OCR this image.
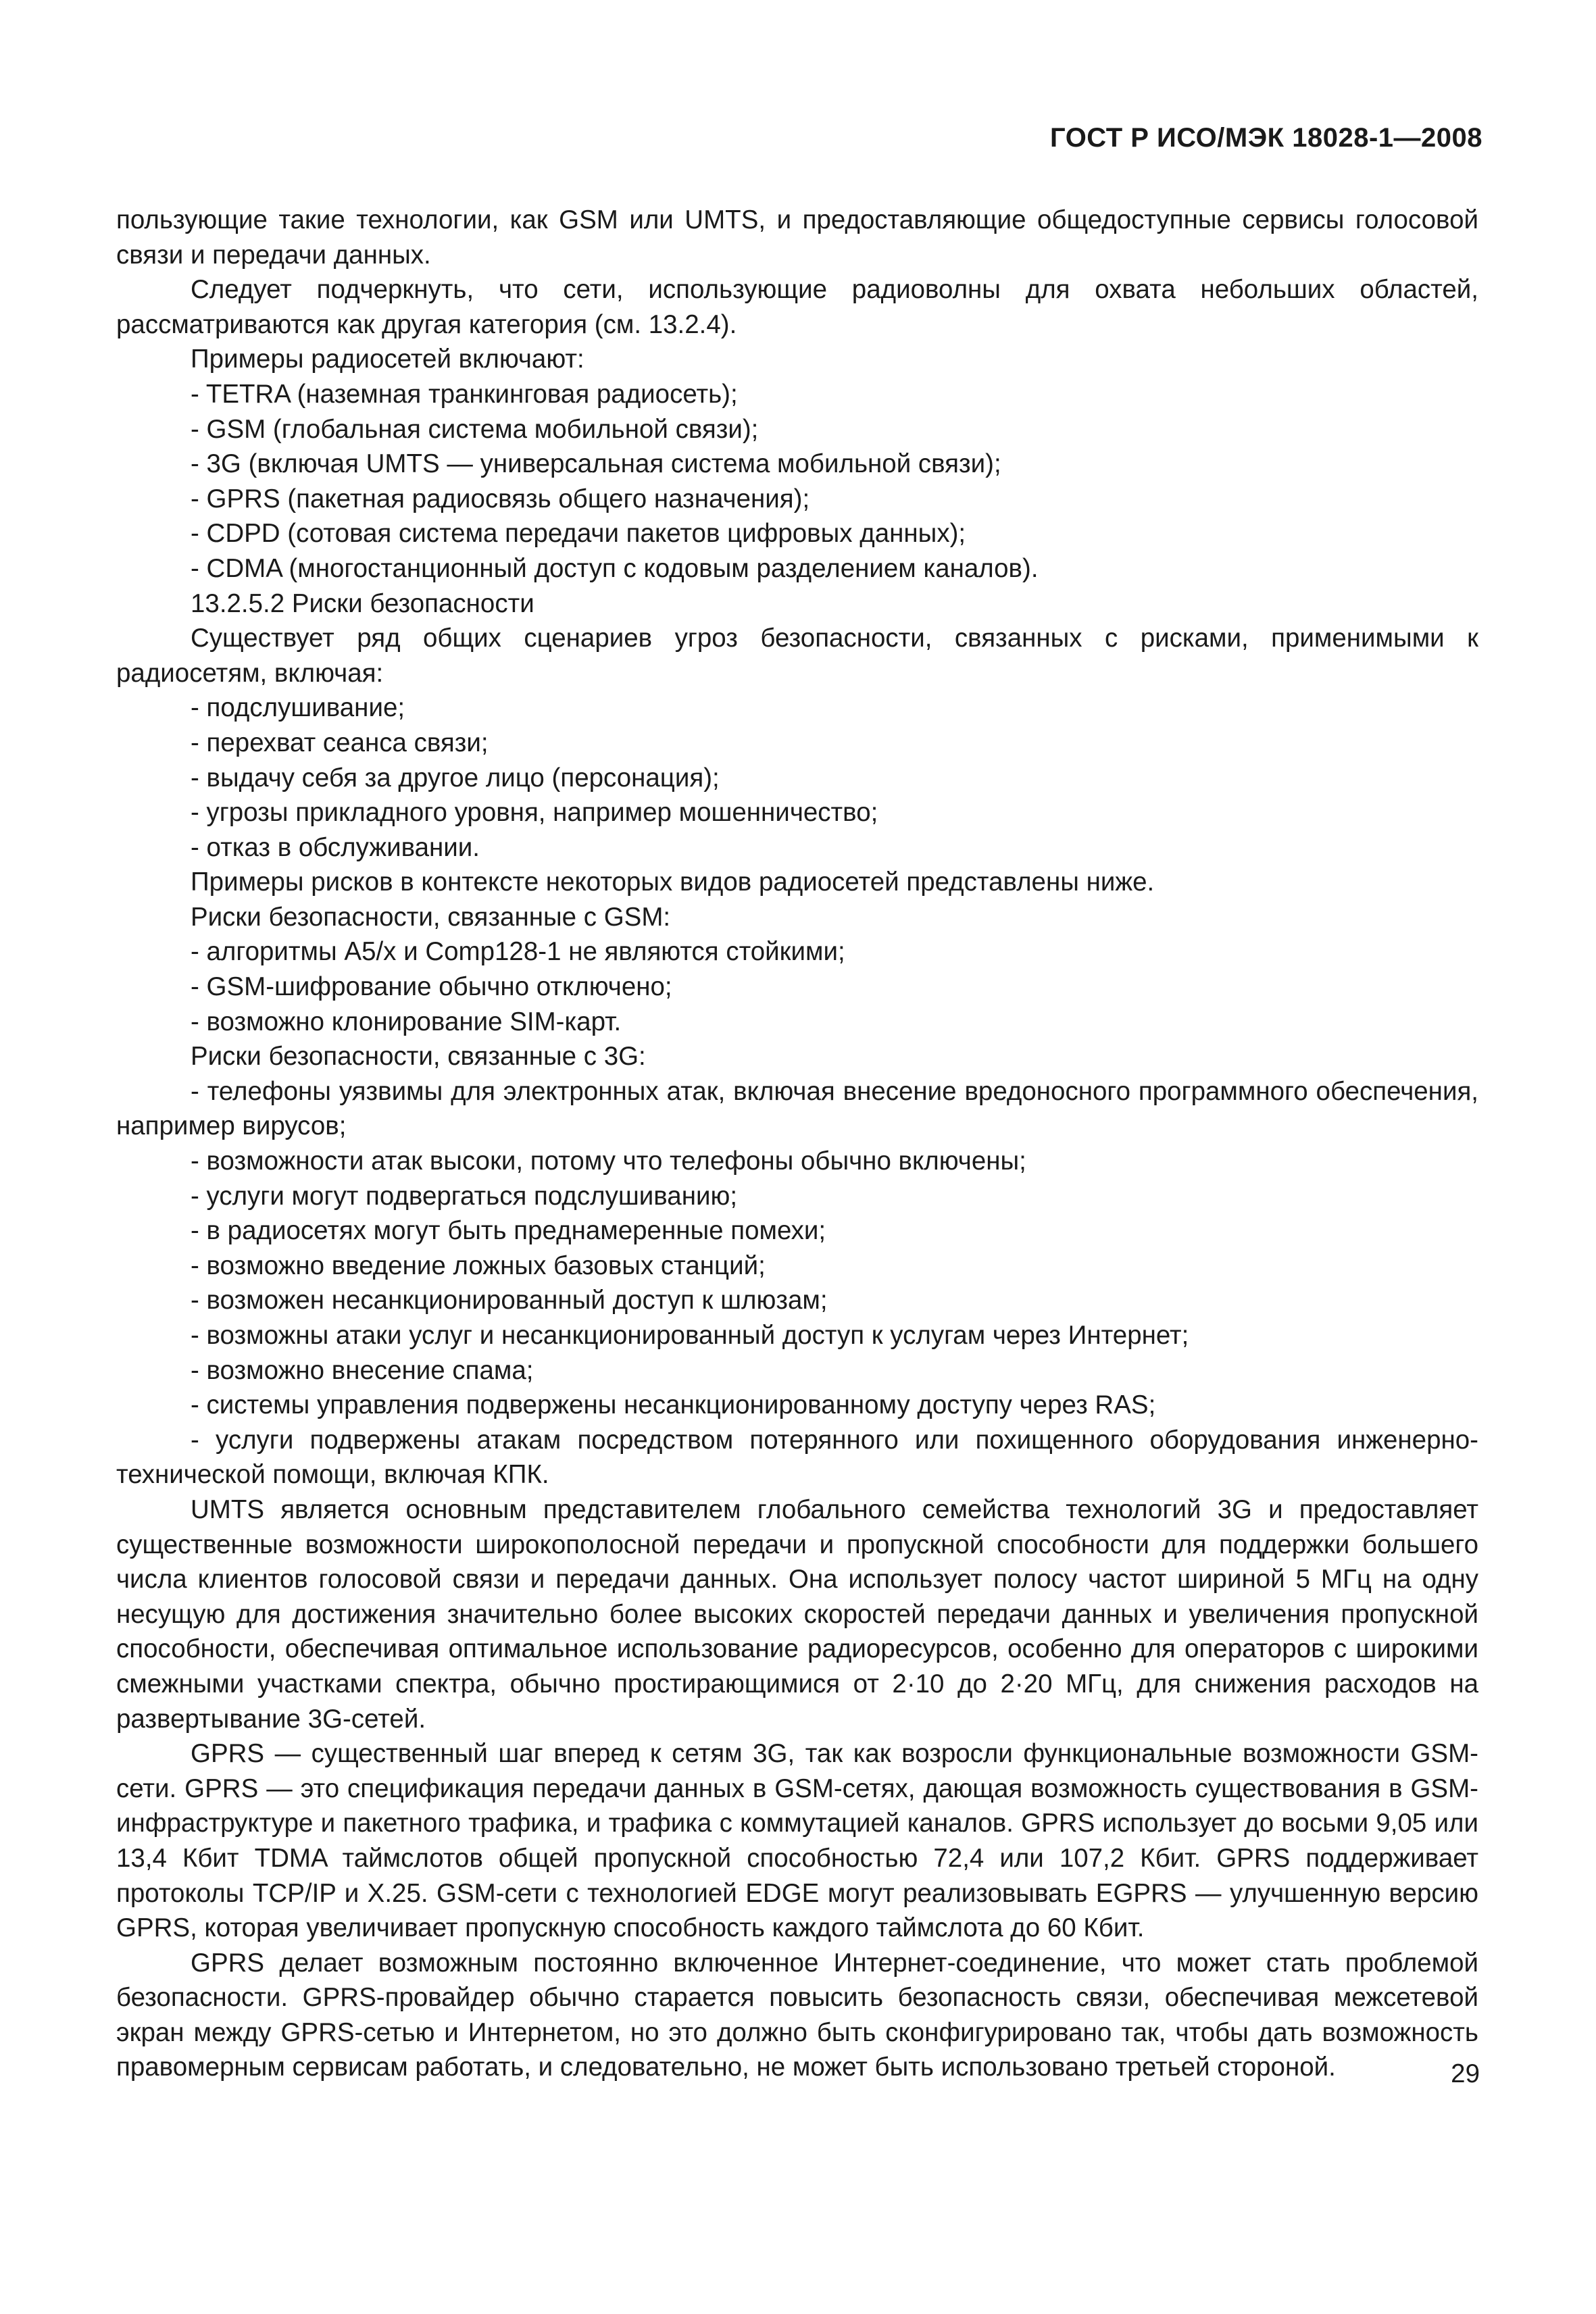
ГОСТ Р ИСО/МЭК 18028-1—2008

пользующие такие технологии, как GSM или UMTS, и предоставляющие общедоступные сервисы голосовой связи и передачи данных.

Следует подчеркнуть, что сети, использующие радиоволны для охвата небольших областей, рассматриваются как другая категория (см. 13.2.4).

Примеры радиосетей включают:

- TETRA (наземная транкинговая радиосеть);

- GSM (глобальная система мобильной связи);

- 3G (включая UMTS — универсальная система мобильной связи);

- GPRS (пакетная радиосвязь общего назначения);

- CDPD (сотовая система передачи пакетов цифровых данных);

- CDMA (многостанционный доступ с кодовым разделением каналов).

13.2.5.2 Риски безопасности

Существует ряд общих сценариев угроз безопасности, связанных с рисками, применимыми к радиосетям, включая:

- подслушивание;

- перехват сеанса связи;

- выдачу себя за другое лицо (персонация);

- угрозы прикладного уровня, например мошенничество;

- отказ в обслуживании.

Примеры рисков в контексте некоторых видов радиосетей представлены ниже.

Риски безопасности, связанные с GSM:

- алгоритмы A5/x и Comp128-1 не являются стойкими;

- GSM-шифрование обычно отключено;

- возможно клонирование SIM-карт.

Риски безопасности, связанные с 3G:

- телефоны уязвимы для электронных атак, включая внесение вредоносного программного обеспечения, например вирусов;

- возможности атак высоки, потому что телефоны обычно включены;

- услуги могут подвергаться подслушиванию;

- в радиосетях могут быть преднамеренные помехи;

- возможно введение ложных базовых станций;

- возможен несанкционированный доступ к шлюзам;

- возможны атаки услуг и несанкционированный доступ к услугам через Интернет;

- возможно внесение спама;

- системы управления подвержены несанкционированному доступу через RAS;

- услуги подвержены атакам посредством потерянного или похищенного оборудования инженерно-технической помощи, включая КПК.

UMTS является основным представителем глобального семейства технологий 3G и предоставляет существенные возможности широкополосной передачи и пропускной способности для поддержки большего числа клиентов голосовой связи и передачи данных. Она использует полосу частот шириной 5 МГц на одну несущую для достижения значительно более высоких скоростей передачи данных и увеличения пропускной способности, обеспечивая оптимальное использование радиоресурсов, особенно для операторов с широкими смежными участками спектра, обычно простирающимися от 2·10 до 2·20 МГц, для снижения расходов на развертывание 3G-сетей.

GPRS — существенный шаг вперед к сетям 3G, так как возросли функциональные возможности GSM-сети. GPRS — это спецификация передачи данных в GSM-сетях, дающая возможность существования в GSM-инфраструктуре и пакетного трафика, и трафика с коммутацией каналов. GPRS использует до восьми 9,05 или 13,4 Кбит TDMA таймслотов общей пропускной способностью 72,4 или 107,2 Кбит. GPRS поддерживает протоколы TCP/IP и X.25. GSM-сети с технологией EDGE могут реализовывать EGPRS — улучшенную версию GPRS, которая увеличивает пропускную способность каждого таймслота до 60 Кбит.

GPRS делает возможным постоянно включенное Интернет-соединение, что может стать проблемой безопасности. GPRS-провайдер обычно старается повысить безопасность связи, обеспечивая межсетевой экран между GPRS-сетью и Интернетом, но это должно быть сконфигурировано так, чтобы дать возможность правомерным сервисам работать, и следовательно, не может быть использовано третьей стороной.	29
